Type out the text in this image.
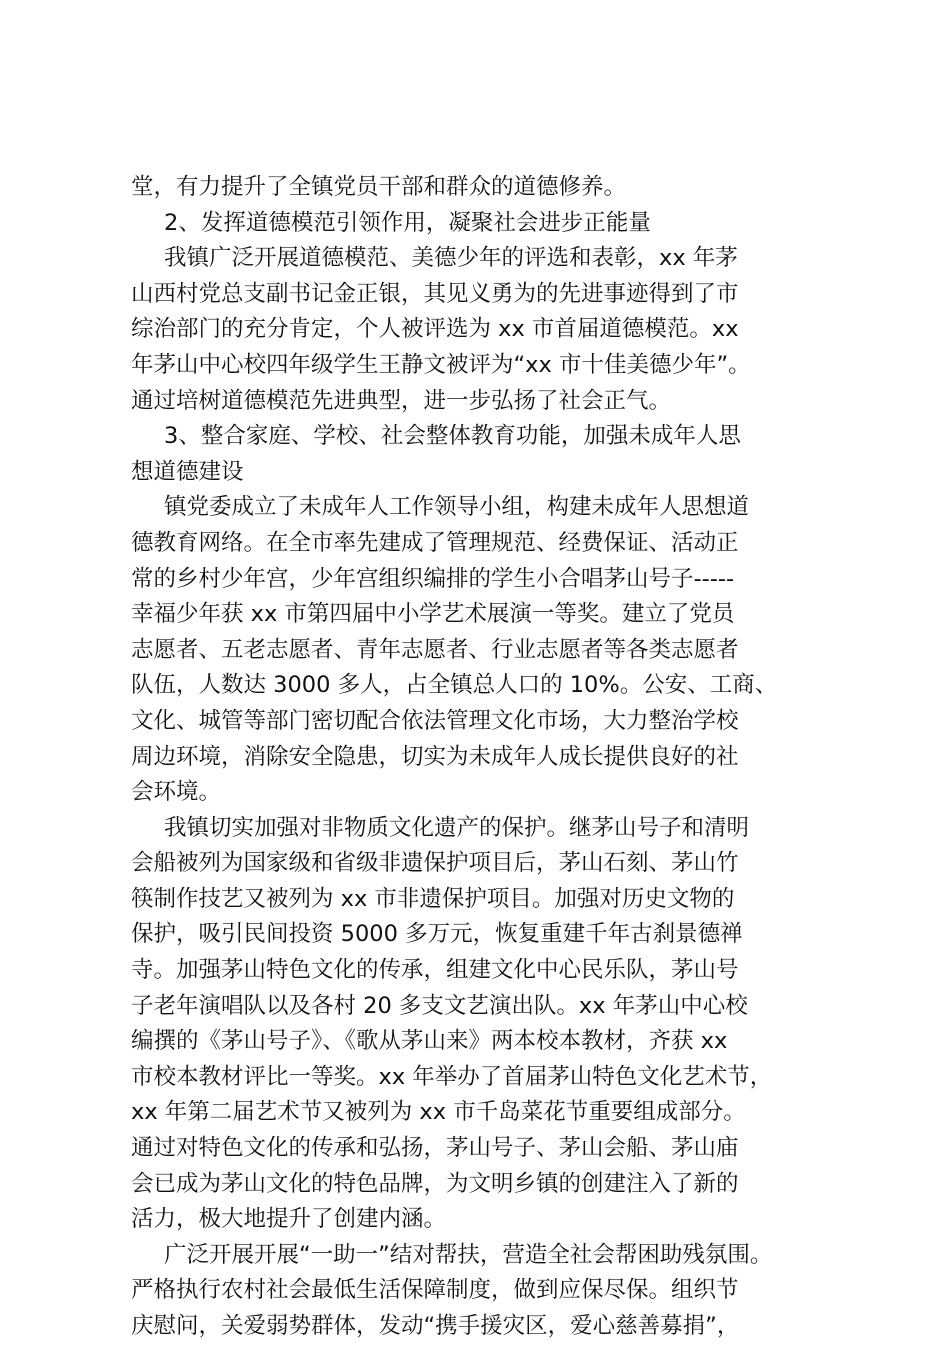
堂，有力提升了全镇党员干部和群众的道德修养。
2、发挥道德模范引领作用，凝聚社会进步正能量
我镇广泛开展道德模范、美德少年的评选和表彰，xx 年茅
山西村党总支副书记金正银，其见义勇为的先进事迹得到了市
综治部门的充分肯定，个人被评选为 xx 市首届道德模范。xx
年茅山中心校四年级学生王静文被评为“xx 市十佳美德少年”。
通过培树道德模范先进典型，进一步弘扬了社会正气。
3、整合家庭、学校、社会整体教育功能，加强未成年人思
想道德建设
镇党委成立了未成年人工作领导小组，构建未成年人思想道
德教育网络。在全市率先建成了管理规范、经费保证、活动正
常的乡村少年宫，少年宫组织编排的学生小合唱茅山号子-----
幸福少年获 xx 市第四届中小学艺术展演一等奖。建立了党员
志愿者、五老志愿者、青年志愿者、行业志愿者等各类志愿者
队伍，人数达 3000 多人，占全镇总人口的 10%。公安、工商、
文化、城管等部门密切配合依法管理文化市场，大力整治学校
周边环境，消除安全隐患，切实为未成年人成长提供良好的社
会环境。
我镇切实加强对非物质文化遗产的保护。继茅山号子和清明
会船被列为国家级和省级非遗保护项目后，茅山石刻、茅山竹
筷制作技艺又被列为 xx 市非遗保护项目。加强对历史文物的
保护，吸引民间投资 5000 多万元，恢复重建千年古刹景德禅
寺。加强茅山特色文化的传承，组建文化中心民乐队，茅山号
子老年演唱队以及各村 20 多支文艺演出队。xx 年茅山中心校
编撰的《茅山号子》、《歌从茅山来》两本校本教材，齐获 xx
市校本教材评比一等奖。xx 年举办了首届茅山特色文化艺术节，
xx 年第二届艺术节又被列为 xx 市千岛菜花节重要组成部分。
通过对特色文化的传承和弘扬，茅山号子、茅山会船、茅山庙
会已成为茅山文化的特色品牌，为文明乡镇的创建注入了新的
活力，极大地提升了创建内涵。
广泛开展开展“一助一”结对帮扶，营造全社会帮困助残氛围。
严格执行农村社会最低生活保障制度，做到应保尽保。组织节
庆慰问，关爱弱势群体，发动“携手援灾区，爱心慈善募捐”，
